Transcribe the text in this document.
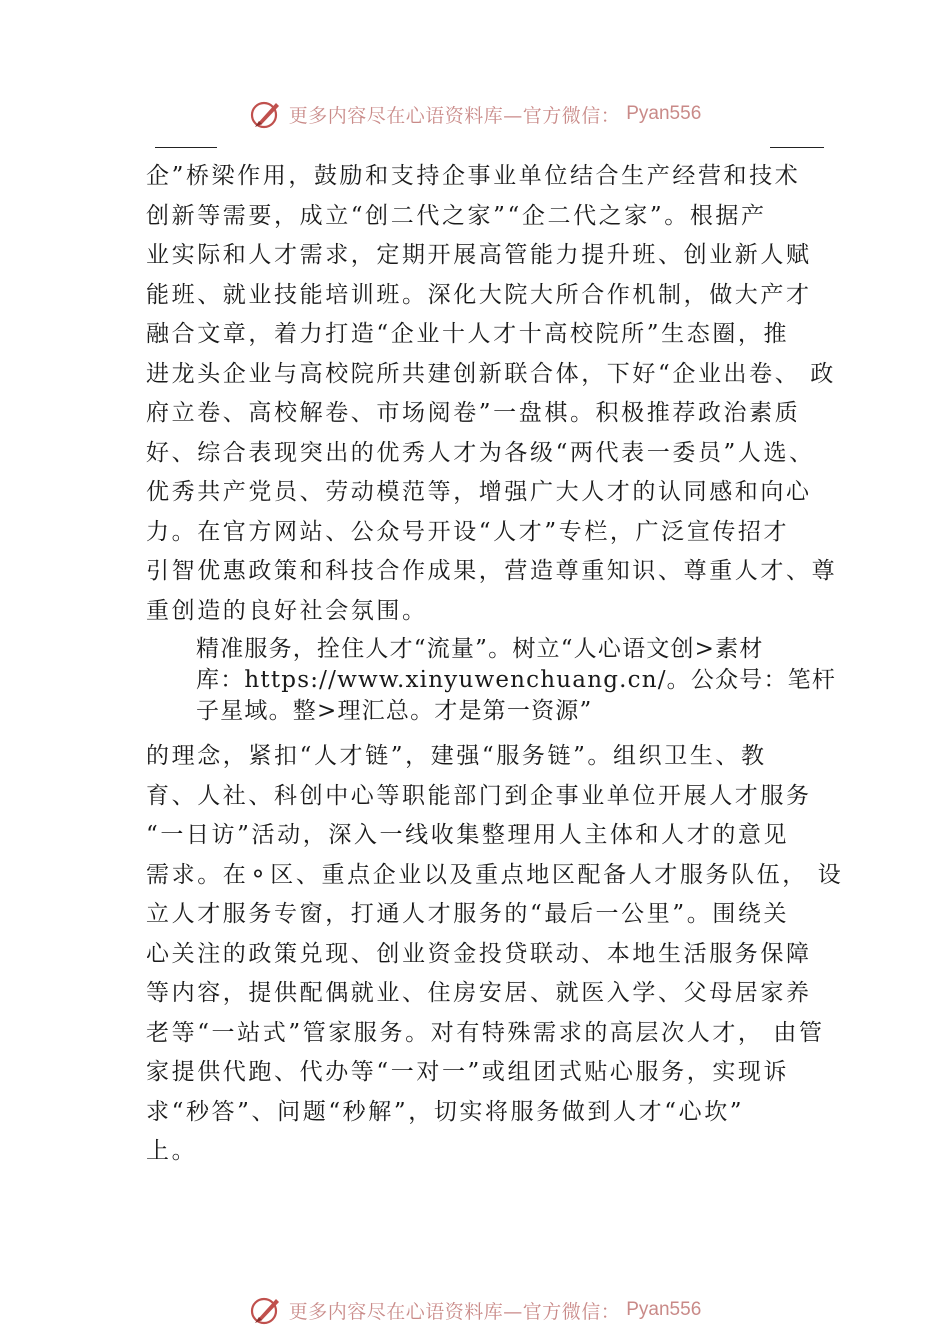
更多内容尽在心语资料库—官方微信： Pyan556
企”桥梁作用，鼓励和支持企事业单位结合生产经营和技术
创新等需要，成立“创二代之家”“企二代之家”。根据产
业实际和人才需求，定期开展高管能力提升班、创业新人赋
能班、就业技能培训班。深化大院大所合作机制，做大产才
融合文章，着力打造“企业十人才十高校院所”生态圈，推
进龙头企业与高校院所共建创新联合体，下好“企业出卷、 政
府立卷、高校解卷、市场阅卷”一盘棋。积极推荐政治素质
好、综合表现突出的优秀人才为各级“两代表一委员”人选、
优秀共产党员、劳动模范等，增强广大人才的认同感和向心
力。在官方网站、公众号开设“人才”专栏，广泛宣传招才
引智优惠政策和科技合作成果，营造尊重知识、尊重人才、尊
重创造的良好社会氛围。
精准服务，拴住人才“流量”。树立“人心语文创>素材
库：https://www.xinyuwenchuang.cn/。公众号：笔杆
子星域。整>理汇总。才是第一资源”
的理念，紧扣“人才链”，建强“服务链”。组织卫生、教
育、人社、科创中心等职能部门到企事业单位开展人才服务
“一日访”活动，深入一线收集整理用人主体和人才的意见
需求。在⚬区、重点企业以及重点地区配备人才服务队伍， 设
立人才服务专窗，打通人才服务的“最后一公里”。围绕关
心关注的政策兑现、创业资金投贷联动、本地生活服务保障
等内容，提供配偶就业、住房安居、就医入学、父母居家养
老等“一站式”管家服务。对有特殊需求的高层次人才， 由管
家提供代跑、代办等“一对一”或组团式贴心服务，实现诉
求“秒答”、问题“秒解”，切实将服务做到人才“心坎”
上。
更多内容尽在心语资料库—官方微信： Pyan556
